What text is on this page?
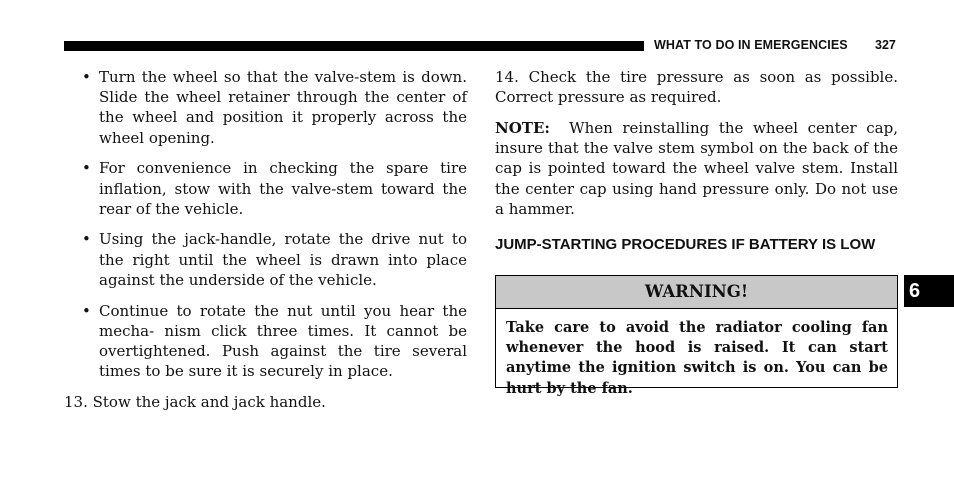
WHAT TO DO IN EMERGENCIES 327
• Turn the wheel so that the valve-stem is down. Slide the wheel retainer through the center of the wheel and position it properly across the wheel opening.
• For convenience in checking the spare tire inflation, stow with the valve-stem toward the rear of the vehicle.
• Using the jack-handle, rotate the drive nut to the right until the wheel is drawn into place against the underside of the vehicle.
• Continue to rotate the nut until you hear the mecha- nism click three times. It cannot be overtightened. Push against the tire several times to be sure it is securely in place.
13. Stow the jack and jack handle.

14. Check the tire pressure as soon as possible. Correct pressure as required.

NOTE: When reinstalling the wheel center cap, insure that the valve stem symbol on the back of the cap is pointed toward the wheel valve stem. Install the center cap using hand pressure only. Do not use a hammer.

JUMP-STARTING PROCEDURES IF BATTERY IS LOW
WARNING!
Take care to avoid the radiator cooling fan whenever the hood is raised. It can start anytime the ignition switch is on. You can be hurt by the fan.
6
